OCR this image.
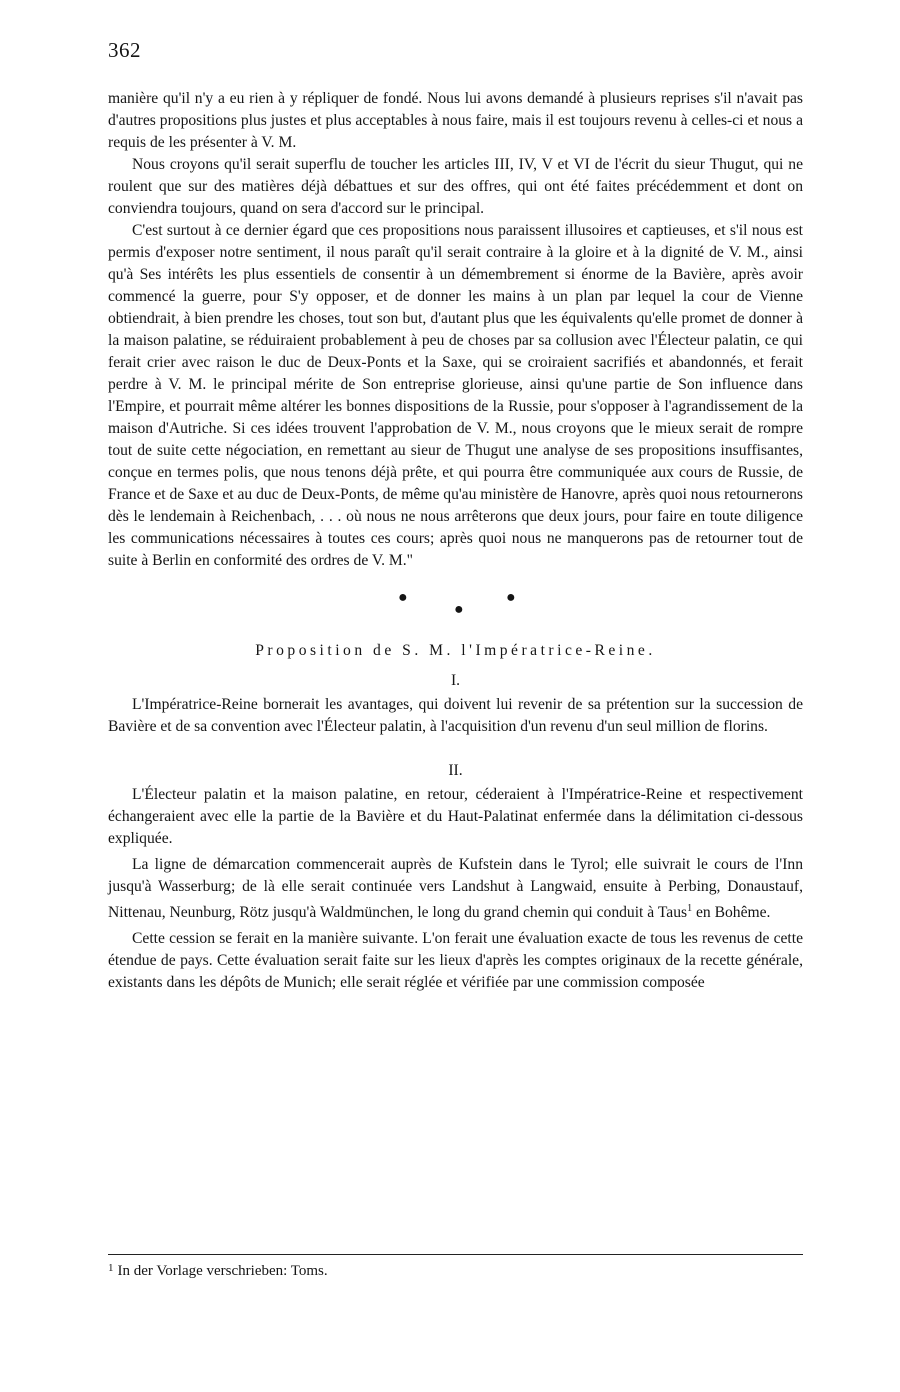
362

manière qu'il n'y a eu rien à y répliquer de fondé. Nous lui avons demandé à plusieurs reprises s'il n'avait pas d'autres propositions plus justes et plus acceptables à nous faire, mais il est toujours revenu à celles-ci et nous a requis de les présenter à V. M.

Nous croyons qu'il serait superflu de toucher les articles III, IV, V et VI de l'écrit du sieur Thugut, qui ne roulent que sur des matières déjà débattues et sur des offres, qui ont été faites précédemment et dont on conviendra toujours, quand on sera d'accord sur le principal.

C'est surtout à ce dernier égard que ces propositions nous paraissent illusoires et captieuses, et s'il nous est permis d'exposer notre sentiment, il nous paraît qu'il serait contraire à la gloire et à la dignité de V. M., ainsi qu'à Ses intérêts les plus essentiels de consentir à un démembrement si énorme de la Bavière, après avoir commencé la guerre, pour S'y opposer, et de donner les mains à un plan par lequel la cour de Vienne obtiendrait, à bien prendre les choses, tout son but, d'autant plus que les équivalents qu'elle promet de donner à la maison palatine, se réduiraient probablement à peu de choses par sa collusion avec l'Électeur palatin, ce qui ferait crier avec raison le duc de Deux-Ponts et la Saxe, qui se croiraient sacrifiés et abandonnés, et ferait perdre à V. M. le principal mérite de Son entreprise glorieuse, ainsi qu'une partie de Son influence dans l'Empire, et pourrait même altérer les bonnes dispositions de la Russie, pour s'opposer à l'agrandissement de la maison d'Autriche. Si ces idées trouvent l'approbation de V. M., nous croyons que le mieux serait de rompre tout de suite cette négociation, en remettant au sieur de Thugut une analyse de ses propositions insuffisantes, conçue en termes polis, que nous tenons déjà prête, et qui pourra être communiquée aux cours de Russie, de France et de Saxe et au duc de Deux-Ponts, de même qu'au ministère de Hanovre, après quoi nous retournerons dès le lendemain à Reichenbach, . . . où nous ne nous arrêterons que deux jours, pour faire en toute diligence les communications nécessaires à toutes ces cours; après quoi nous ne manquerons pas de retourner tout de suite à Berlin en conformité des ordres de V. M."

●
●
●
Proposition de S. M. l'Impératrice-Reine.
I.

L'Impératrice-Reine bornerait les avantages, qui doivent lui revenir de sa prétention sur la succession de Bavière et de sa convention avec l'Électeur palatin, à l'acquisition d'un revenu d'un seul million de florins.

II.

L'Électeur palatin et la maison palatine, en retour, céderaient à l'Impératrice-Reine et respectivement échangeraient avec elle la partie de la Bavière et du Haut-Palatinat enfermée dans la délimitation ci-dessous expliquée.

La ligne de démarcation commencerait auprès de Kufstein dans le Tyrol; elle suivrait le cours de l'Inn jusqu'à Wasserburg; de là elle serait continuée vers Landshut à Langwaid, ensuite à Perbing, Donaustauf, Nittenau, Neunburg, Rötz jusqu'à Waldmünchen, le long du grand chemin qui conduit à Taus$^1$ en Bohême.

Cette cession se ferait en la manière suivante. L'on ferait une évaluation exacte de tous les revenus de cette étendue de pays. Cette évaluation serait faite sur les lieux d'après les comptes originaux de la recette générale, existants dans les dépôts de Munich; elle serait réglée et vérifiée par une commission composée

$^1$ In der Vorlage verschrieben: Toms.
